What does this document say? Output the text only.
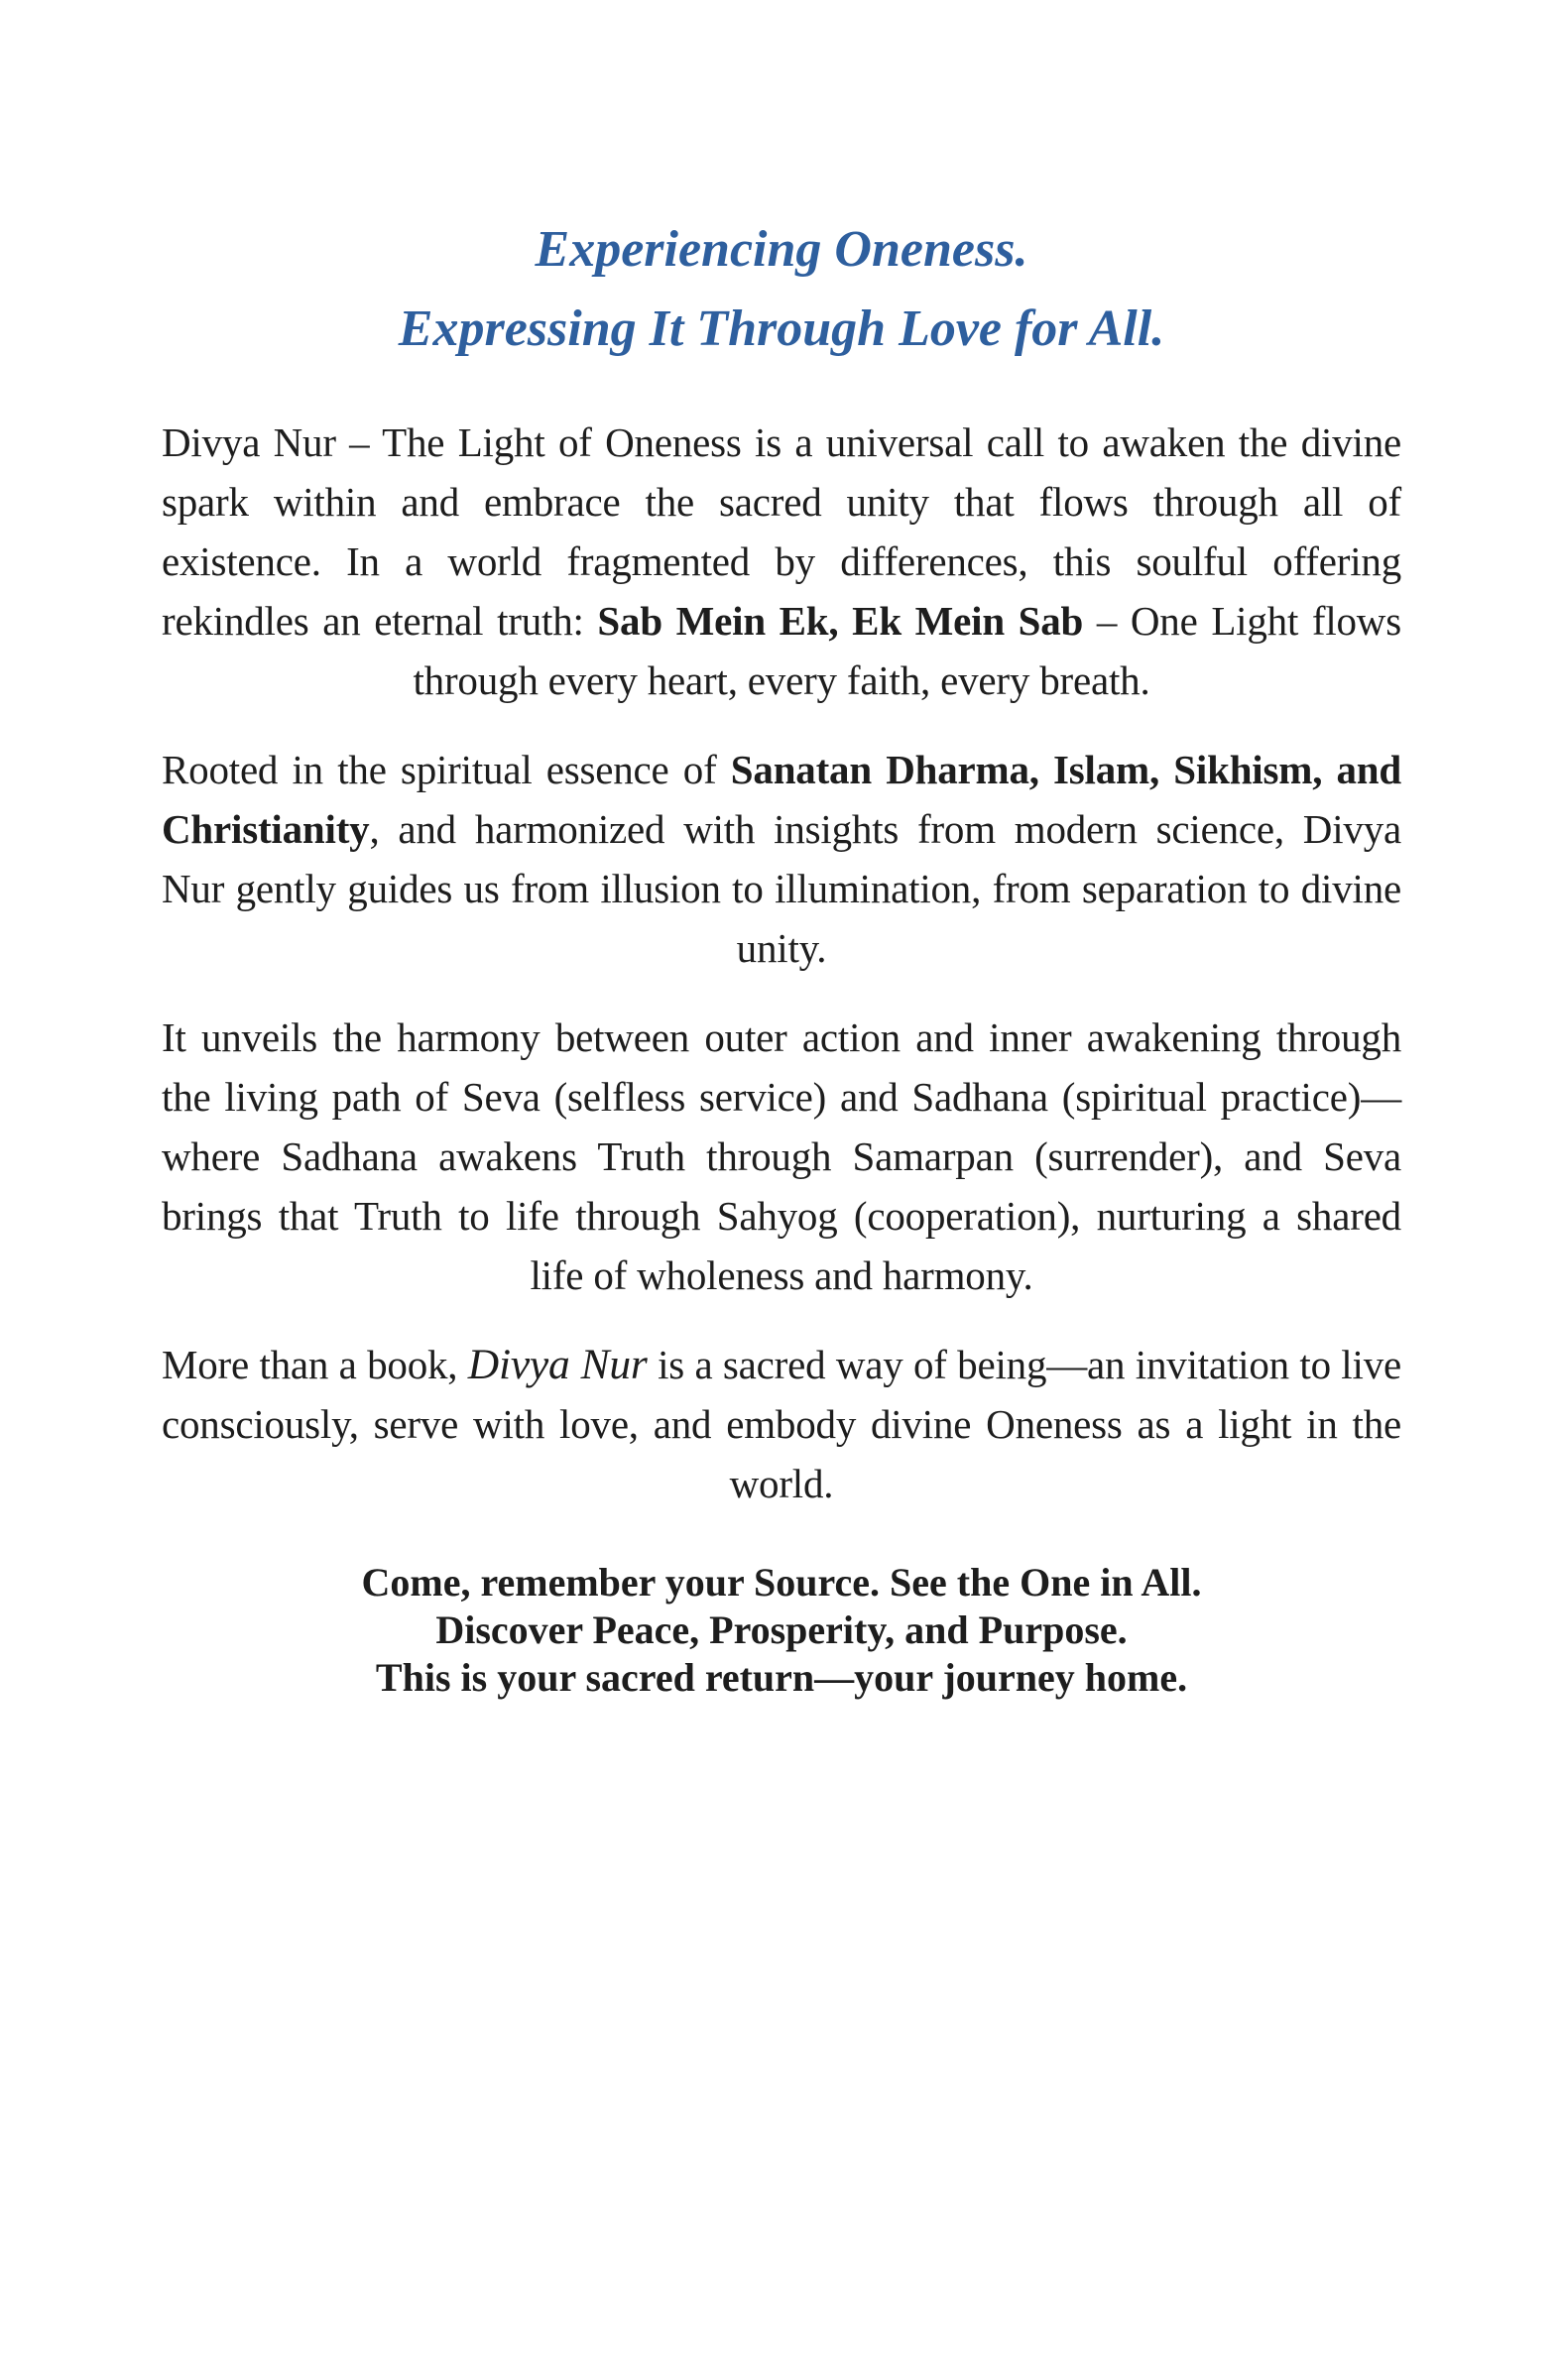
Experiencing Oneness.
Expressing It Through Love for All.

Divya Nur – The Light of Oneness is a universal call to awaken the divine spark within and embrace the sacred unity that flows through all of existence. In a world fragmented by differences, this soulful offering rekindles an eternal truth: Sab Mein Ek, Ek Mein Sab – One Light flows through every heart, every faith, every breath.

Rooted in the spiritual essence of Sanatan Dharma, Islam, Sikhism, and Christianity, and harmonized with insights from modern science, Divya Nur gently guides us from illusion to illumination, from separation to divine unity.

It unveils the harmony between outer action and inner awakening through the living path of Seva (selfless service) and Sadhana (spiritual practice)—where Sadhana awakens Truth through Samarpan (surrender), and Seva brings that Truth to life through Sahyog (cooperation), nurturing a shared life of wholeness and harmony.

More than a book, Divya Nur is a sacred way of being—an invitation to live consciously, serve with love, and embody divine Oneness as a light in the world.

Come, remember your Source. See the One in All.
Discover Peace, Prosperity, and Purpose.
This is your sacred return—your journey home.
